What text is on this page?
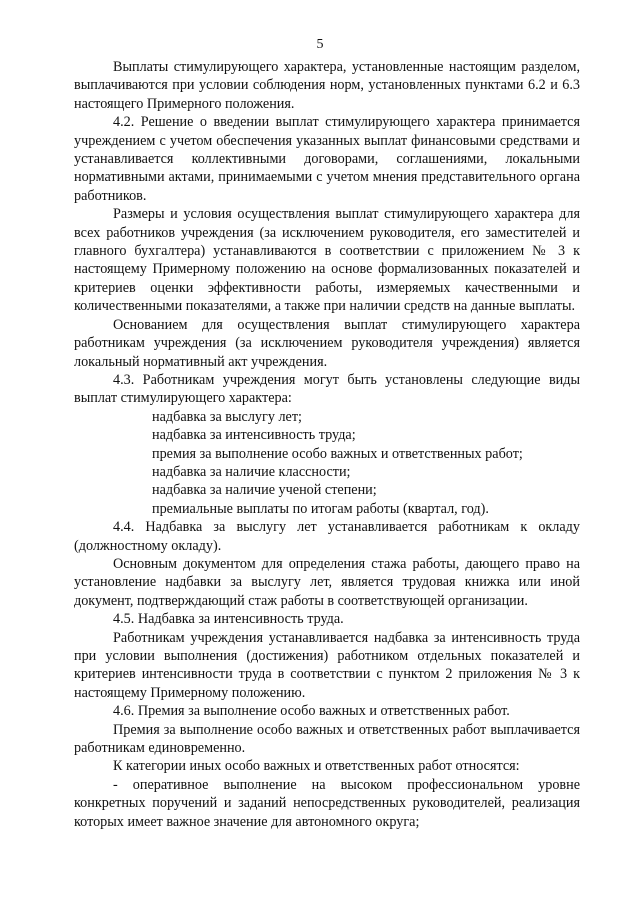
5

Выплаты стимулирующего характера, установленные настоящим разделом, выплачиваются при условии соблюдения норм, установленных пунктами 6.2 и 6.3 настоящего Примерного положения.

4.2. Решение о введении выплат стимулирующего характера принимается учреждением с учетом обеспечения указанных выплат финансовыми средствами и устанавливается коллективными договорами, соглашениями, локальными нормативными актами, принимаемыми с учетом мнения представительного органа работников.

Размеры и условия осуществления выплат стимулирующего характера для всех работников учреждения (за исключением руководителя, его заместителей и главного бухгалтера) устанавливаются в соответствии с приложением № 3 к настоящему Примерному положению на основе формализованных показателей и критериев оценки эффективности работы, измеряемых качественными и количественными показателями, а также при наличии средств на данные выплаты.

Основанием для осуществления выплат стимулирующего характера работникам учреждения (за исключением руководителя учреждения) является локальный нормативный акт учреждения.

4.3. Работникам учреждения могут быть установлены следующие виды выплат стимулирующего характера:

надбавка за выслугу лет;

надбавка за интенсивность труда;

премия за выполнение особо важных и ответственных работ;

надбавка за наличие классности;

надбавка за наличие ученой степени;

премиальные выплаты по итогам работы (квартал, год).

4.4. Надбавка за выслугу лет устанавливается работникам к окладу (должностному окладу).

Основным документом для определения стажа работы, дающего право на установление надбавки за выслугу лет, является трудовая книжка или иной документ, подтверждающий стаж работы в соответствующей организации.

4.5. Надбавка за интенсивность труда.

Работникам учреждения устанавливается надбавка за интенсивность труда при условии выполнения (достижения) работником отдельных показателей и критериев интенсивности труда в соответствии с пунктом 2 приложения № 3 к настоящему Примерному положению.

4.6. Премия за выполнение особо важных и ответственных работ.

Премия за выполнение особо важных и ответственных работ выплачивается работникам единовременно.

К категории иных особо важных и ответственных работ относятся:

- оперативное выполнение на высоком профессиональном уровне конкретных поручений и заданий непосредственных руководителей, реализация которых имеет важное значение для автономного округа;
